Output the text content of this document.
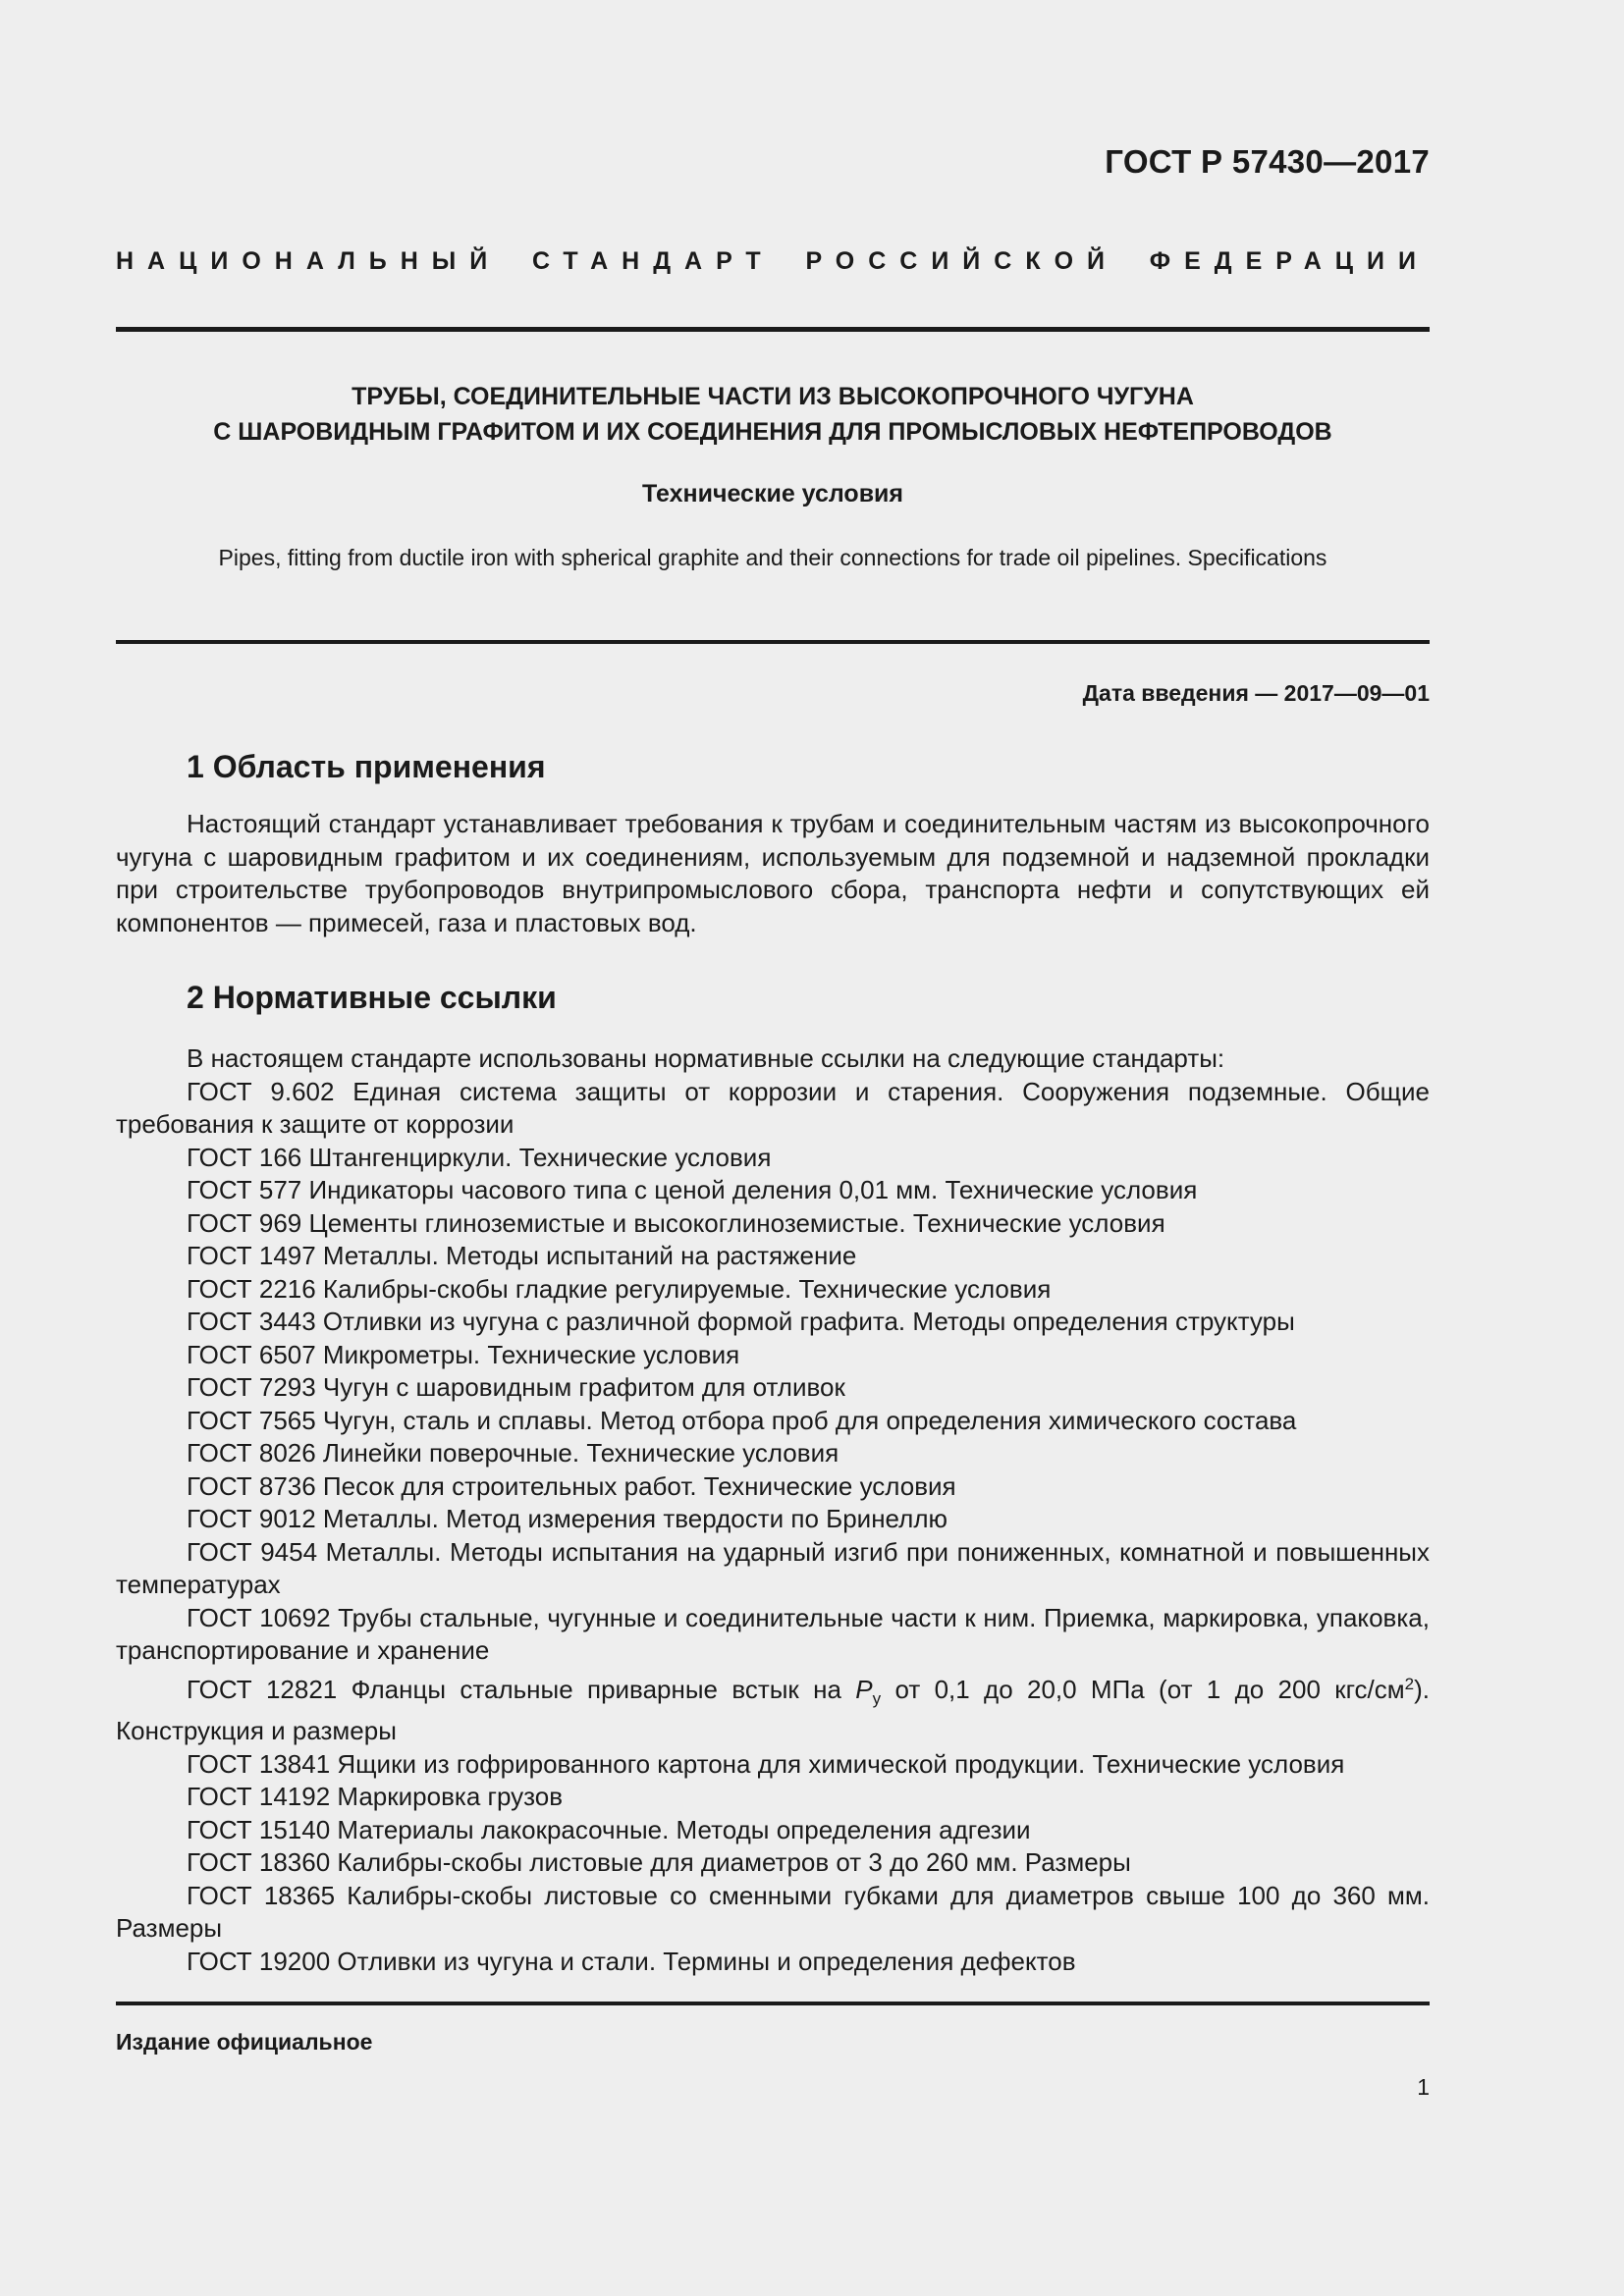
ГОСТ Р 57430—2017
НАЦИОНАЛЬНЫЙ СТАНДАРТ РОССИЙСКОЙ ФЕДЕРАЦИИ
ТРУБЫ, СОЕДИНИТЕЛЬНЫЕ ЧАСТИ ИЗ ВЫСОКОПРОЧНОГО ЧУГУНА
С ШАРОВИДНЫМ ГРАФИТОМ И ИХ СОЕДИНЕНИЯ ДЛЯ ПРОМЫСЛОВЫХ НЕФТЕПРОВОДОВ
Технические условия
Pipes, fitting from ductile iron with spherical graphite and their connections for trade oil pipelines. Specifications
Дата введения — 2017—09—01
1 Область применения
Настоящий стандарт устанавливает требования к трубам и соединительным частям из высокопрочного чугуна с шаровидным графитом и их соединениям, используемым для подземной и надземной прокладки при строительстве трубопроводов внутрипромыслового сбора, транспорта нефти и сопутствующих ей компонентов — примесей, газа и пластовых вод.
2 Нормативные ссылки
В настоящем стандарте использованы нормативные ссылки на следующие стандарты:
ГОСТ 9.602 Единая система защиты от коррозии и старения. Сооружения подземные. Общие требования к защите от коррозии
ГОСТ 166 Штангенциркули. Технические условия
ГОСТ 577 Индикаторы часового типа с ценой деления 0,01 мм. Технические условия
ГОСТ 969 Цементы глиноземистые и высокоглиноземистые. Технические условия
ГОСТ 1497 Металлы. Методы испытаний на растяжение
ГОСТ 2216 Калибры-скобы гладкие регулируемые. Технические условия
ГОСТ 3443 Отливки из чугуна с различной формой графита. Методы определения структуры
ГОСТ 6507 Микрометры. Технические условия
ГОСТ 7293 Чугун с шаровидным графитом для отливок
ГОСТ 7565 Чугун, сталь и сплавы. Метод отбора проб для определения химического состава
ГОСТ 8026 Линейки поверочные. Технические условия
ГОСТ 8736 Песок для строительных работ. Технические условия
ГОСТ 9012 Металлы. Метод измерения твердости по Бринеллю
ГОСТ 9454 Металлы. Методы испытания на ударный изгиб при пониженных, комнатной и повышенных температурах
ГОСТ 10692 Трубы стальные, чугунные и соединительные части к ним. Приемка, маркировка, упаковка, транспортирование и хранение
ГОСТ 12821 Фланцы стальные приварные встык на $P_у$ от 0,1 до 20,0 МПа (от 1 до 200 кгс/$см^2$). Конструкция и размеры
ГОСТ 13841 Ящики из гофрированного картона для химической продукции. Технические условия
ГОСТ 14192 Маркировка грузов
ГОСТ 15140 Материалы лакокрасочные. Методы определения адгезии
ГОСТ 18360 Калибры-скобы листовые для диаметров от 3 до 260 мм. Размеры
ГОСТ 18365 Калибры-скобы листовые со сменными губками для диаметров свыше 100 до 360 мм. Размеры
ГОСТ 19200 Отливки из чугуна и стали. Термины и определения дефектов
Издание официальное
1
